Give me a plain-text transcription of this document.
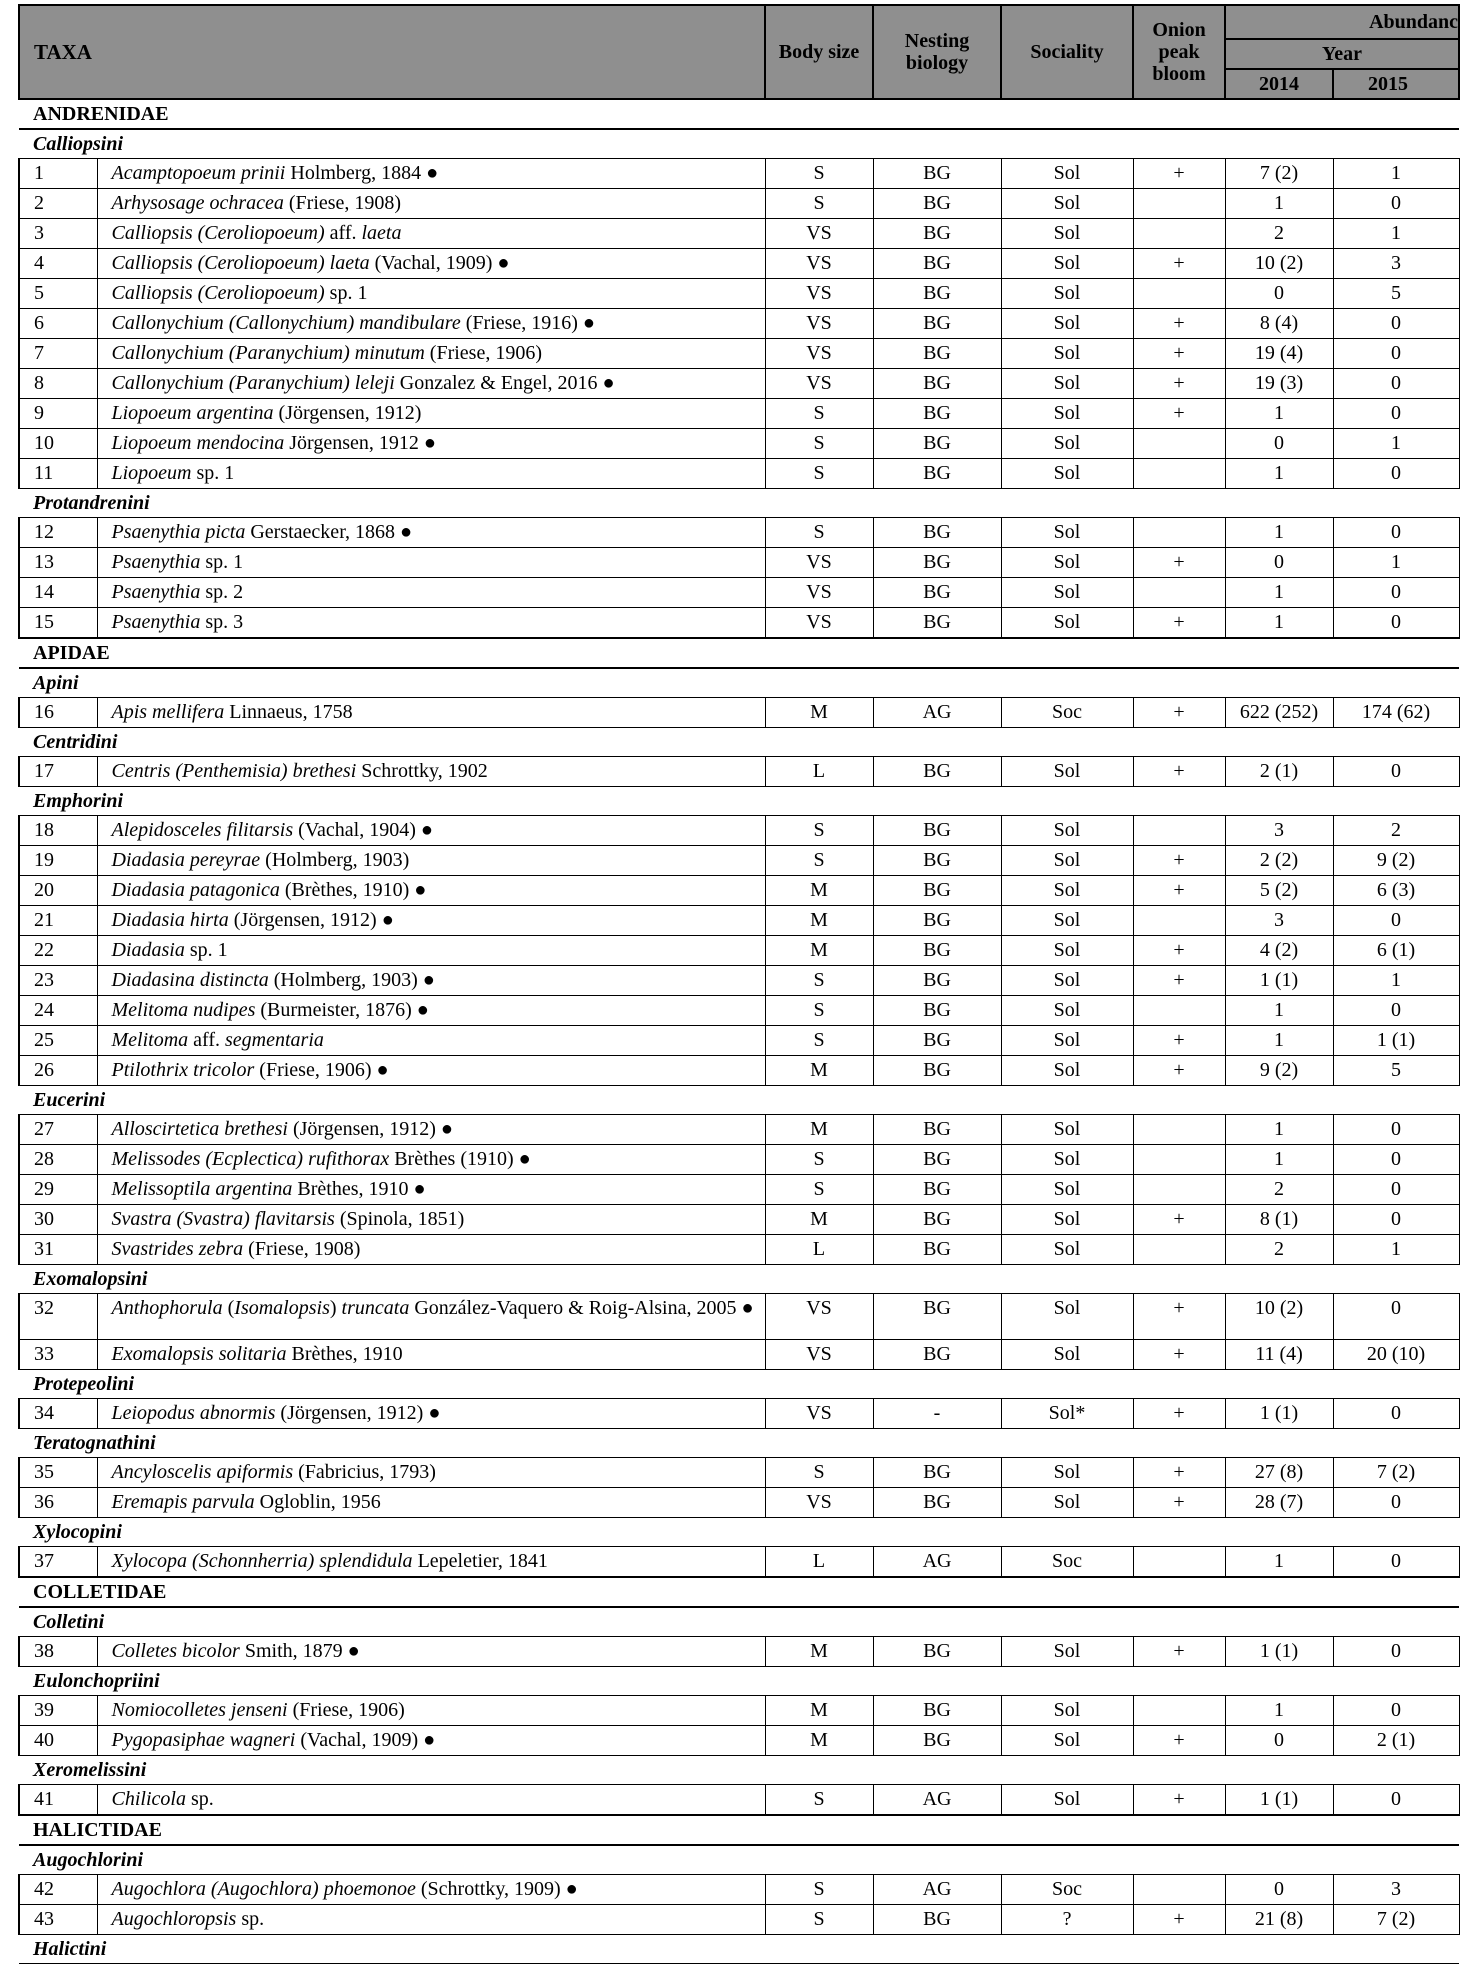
TAXA		Body size	Nesting biology	Sociality	Onion peak bloom	Abundanc	
						Year	
						2014	2015
ANDRENIDAE							
Calliopsini							
1	Acamptopoeum prinii Holmberg, 1884 ●	S	BG	Sol	+	7 (2)	1
2	Arhysosage ochracea (Friese, 1908)	S	BG	Sol		1	0
3	Calliopsis (Ceroliopoeum) aff. laeta	VS	BG	Sol		2	1
4	Calliopsis (Ceroliopoeum) laeta (Vachal, 1909) ●	VS	BG	Sol	+	10 (2)	3
5	Calliopsis (Ceroliopoeum) sp. 1	VS	BG	Sol		0	5
6	Callonychium (Callonychium) mandibulare (Friese, 1916) ●	VS	BG	Sol	+	8 (4)	0
7	Callonychium (Paranychium) minutum (Friese, 1906)	VS	BG	Sol	+	19 (4)	0
8	Callonychium (Paranychium) leleji Gonzalez & Engel, 2016 ●	VS	BG	Sol	+	19 (3)	0
9	Liopoeum argentina (Jörgensen, 1912)	S	BG	Sol	+	1	0
10	Liopoeum mendocina Jörgensen, 1912 ●	S	BG	Sol		0	1
11	Liopoeum sp. 1	S	BG	Sol		1	0
Protandrenini							
12	Psaenythia picta Gerstaecker, 1868 ●	S	BG	Sol		1	0
13	Psaenythia sp. 1	VS	BG	Sol	+	0	1
14	Psaenythia sp. 2	VS	BG	Sol		1	0
15	Psaenythia sp. 3	VS	BG	Sol	+	1	0
APIDAE							
Apini							
16	Apis mellifera Linnaeus, 1758	M	AG	Soc	+	622 (252)	174 (62)
Centridini							
17	Centris (Penthemisia) brethesi Schrottky, 1902	L	BG	Sol	+	2 (1)	0
Emphorini							
18	Alepidosceles filitarsis (Vachal, 1904) ●	S	BG	Sol		3	2
19	Diadasia pereyrae (Holmberg, 1903)	S	BG	Sol	+	2 (2)	9 (2)
20	Diadasia patagonica (Brèthes, 1910) ●	M	BG	Sol	+	5 (2)	6 (3)
21	Diadasia hirta (Jörgensen, 1912) ●	M	BG	Sol		3	0
22	Diadasia sp. 1	M	BG	Sol	+	4 (2)	6 (1)
23	Diadasina distincta (Holmberg, 1903) ●	S	BG	Sol	+	1 (1)	1
24	Melitoma nudipes (Burmeister, 1876) ●	S	BG	Sol		1	0
25	Melitoma aff. segmentaria	S	BG	Sol	+	1	1 (1)
26	Ptilothrix tricolor (Friese, 1906) ●	M	BG	Sol	+	9 (2)	5
Eucerini							
27	Alloscirtetica brethesi (Jörgensen, 1912) ●	M	BG	Sol		1	0
28	Melissodes (Ecplectica) rufithorax Brèthes (1910) ●	S	BG	Sol		1	0
29	Melissoptila argentina Brèthes, 1910 ●	S	BG	Sol		2	0
30	Svastra (Svastra) flavitarsis (Spinola, 1851)	M	BG	Sol	+	8 (1)	0
31	Svastrides zebra (Friese, 1908)	L	BG	Sol		2	1
Exomalopsini							
32	Anthophorula (Isomalopsis) truncata González-Vaquero & Roig-Alsina, 2005 ●	VS	BG	Sol	+	10 (2)	0
33	Exomalopsis solitaria Brèthes, 1910	VS	BG	Sol	+	11 (4)	20 (10)
Protepeolini							
34	Leiopodus abnormis (Jörgensen, 1912) ●	VS	-	Sol*	+	1 (1)	0
Teratognathini							
35	Ancyloscelis apiformis (Fabricius, 1793)	S	BG	Sol	+	27 (8)	7 (2)
36	Eremapis parvula Ogloblin, 1956	VS	BG	Sol	+	28 (7)	0
Xylocopini							
37	Xylocopa (Schonnherria) splendidula Lepeletier, 1841	L	AG	Soc		1	0
COLLETIDAE							
Colletini							
38	Colletes bicolor Smith, 1879 ●	M	BG	Sol	+	1 (1)	0
Eulonchopriini							
39	Nomiocolletes jenseni (Friese, 1906)	M	BG	Sol		1	0
40	Pygopasiphae wagneri (Vachal, 1909) ●	M	BG	Sol	+	0	2 (1)
Xeromelissini							
41	Chilicola sp.	S	AG	Sol	+	1 (1)	0
HALICTIDAE							
Augochlorini							
42	Augochlora (Augochlora) phoemonoe (Schrottky, 1909) ●	S	AG	Soc		0	3
43	Augochloropsis sp.	S	BG	?	+	21 (8)	7 (2)
Halictini							
